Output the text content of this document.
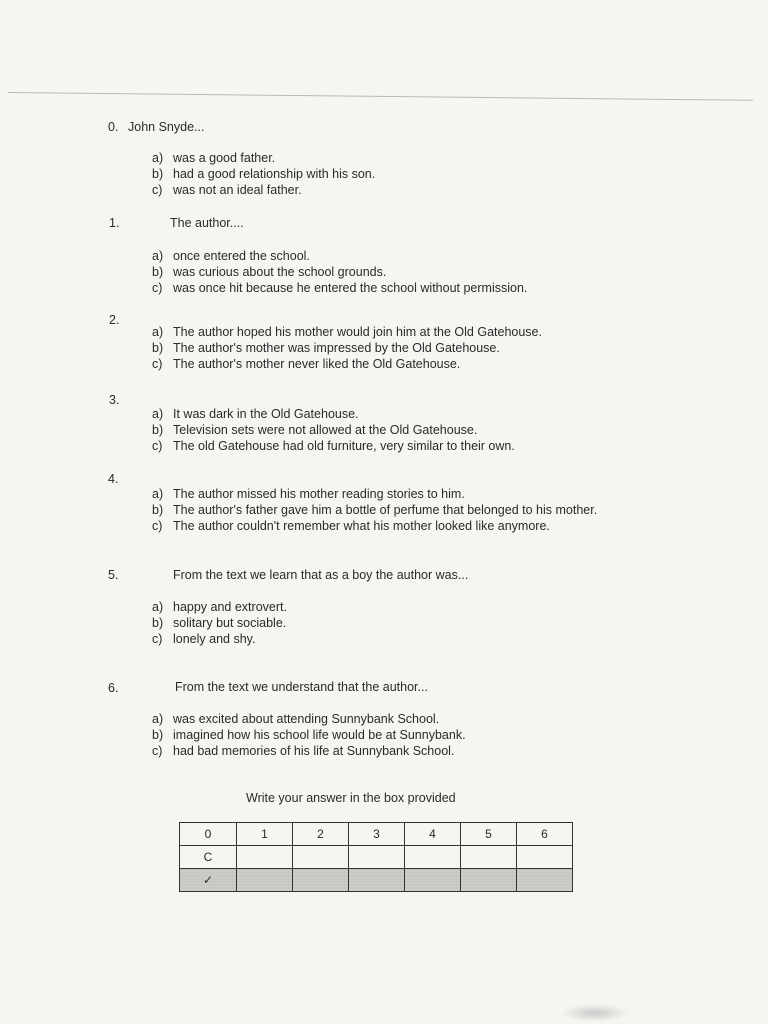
0. John Snyde...
a) was a good father.
b) had a good relationship with his son.
c) was not an ideal father.
1.	The author....
a) once entered the school.
b) was curious about the school grounds.
c) was once hit because he entered the school without permission.
2.
a) The author hoped his mother would join him at the Old Gatehouse.
b) The author's mother was impressed by the Old Gatehouse.
c) The author's mother never liked the Old Gatehouse.
3.
a) It was dark in the Old Gatehouse.
b) Television sets were not allowed at the Old Gatehouse.
c) The old Gatehouse had old furniture, very similar to their own.
4.
a) The author missed his mother reading stories to him.
b) The author's father gave him a bottle of perfume that belonged to his mother.
c) The author couldn't remember what his mother looked like anymore.
5.	From the text we learn that as a boy the author was...
a) happy and extrovert.
b) solitary but sociable.
c) lonely and shy.
6.	From the text we understand that the author...
a) was excited about attending Sunnybank School.
b) imagined how his school life would be at Sunnybank.
c) had bad memories of his life at Sunnybank School.
Write your answer in the box provided
0	1	2	3	4	5	6
C						
✓						
